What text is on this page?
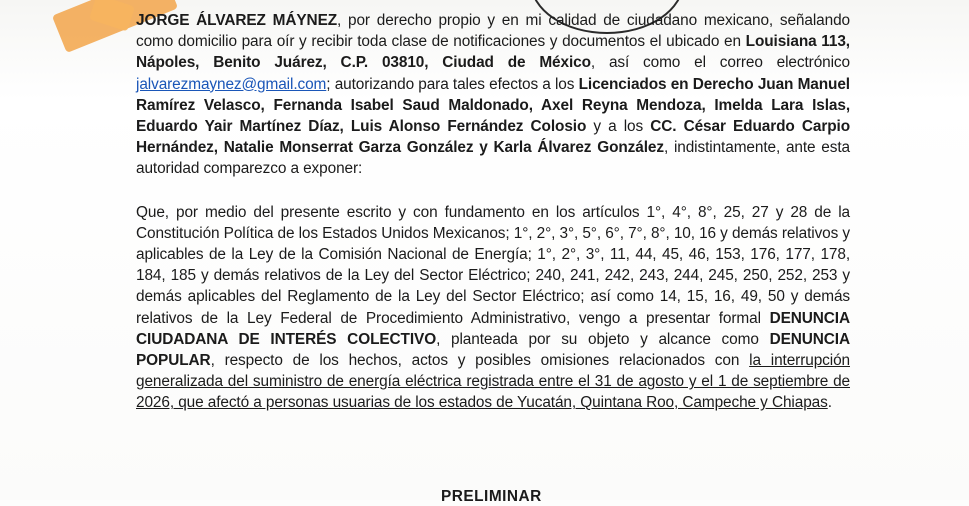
JORGE ÁLVAREZ MÁYNEZ, por derecho propio y en mi calidad de ciudadano mexicano, señalando como domicilio para oír y recibir toda clase de notificaciones y documentos el ubicado en Louisiana 113, Nápoles, Benito Juárez, C.P. 03810, Ciudad de México, así como el correo electrónico jalvarezmaynez@gmail.com; autorizando para tales efectos a los Licenciados en Derecho Juan Manuel Ramírez Velasco, Fernanda Isabel Saud Maldonado, Axel Reyna Mendoza, Imelda Lara Islas, Eduardo Yair Martínez Díaz, Luis Alonso Fernández Colosio y a los CC. César Eduardo Carpio Hernández, Natalie Monserrat Garza González y Karla Álvarez González, indistintamente, ante esta autoridad comparezco a exponer:

Que, por medio del presente escrito y con fundamento en los artículos 1°, 4°, 8°, 25, 27 y 28 de la Constitución Política de los Estados Unidos Mexicanos; 1°, 2°, 3°, 5°, 6°, 7°, 8°, 10, 16 y demás relativos y aplicables de la Ley de la Comisión Nacional de Energía; 1°, 2°, 3°, 11, 44, 45, 46, 153, 176, 177, 178, 184, 185 y demás relativos de la Ley del Sector Eléctrico; 240, 241, 242, 243, 244, 245, 250, 252, 253 y demás aplicables del Reglamento de la Ley del Sector Eléctrico; así como 14, 15, 16, 49, 50 y demás relativos de la Ley Federal de Procedimiento Administrativo, vengo a presentar formal DENUNCIA CIUDADANA DE INTERÉS COLECTIVO, planteada por su objeto y alcance como DENUNCIA POPULAR, respecto de los hechos, actos y posibles omisiones relacionados con la interrupción generalizada del suministro de energía eléctrica registrada entre el 31 de agosto y el 1 de septiembre de 2026, que afectó a personas usuarias de los estados de Yucatán, Quintana Roo, Campeche y Chiapas.

PRELIMINAR
